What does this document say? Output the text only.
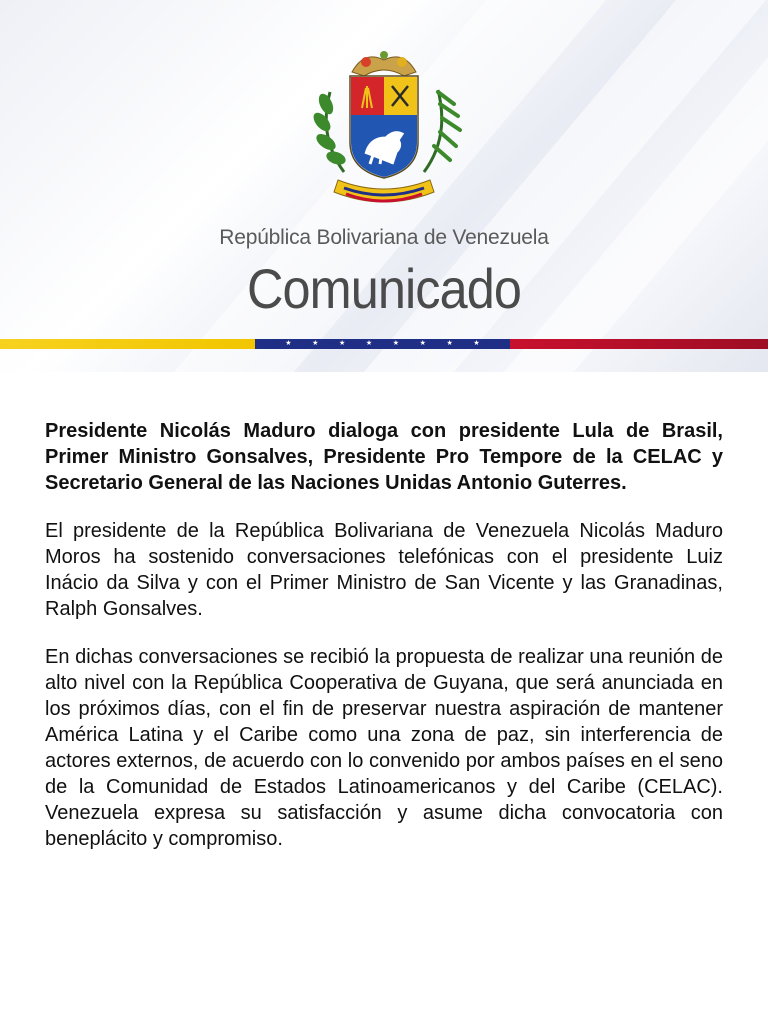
República Bolivariana de Venezuela
Comunicado
★	★	★	★	★	★	★	★

Presidente Nicolás Maduro dialoga con presidente Lula de Brasil, Primer Ministro Gonsalves, Presidente Pro Tempore de la CELAC y Secretario General de las Naciones Unidas Antonio Guterres.

El presidente de la República Bolivariana de Venezuela Nicolás Maduro Moros ha sostenido conversaciones telefónicas con el presidente Luiz Inácio da Silva y con el Primer Ministro de San Vicente y las Granadinas, Ralph Gonsalves.

En dichas conversaciones se recibió la propuesta de realizar una reunión de alto nivel con la República Cooperativa de Guyana, que será anunciada en los próximos días, con el fin de preservar nuestra aspiración de mantener América Latina y el Caribe como una zona de paz, sin interferencia de actores externos, de acuerdo con lo convenido por ambos países en el seno de la Comunidad de Estados Latinoamericanos y del Caribe (CELAC). Venezuela expresa su satisfacción y asume dicha convocatoria con beneplácito y compromiso.
